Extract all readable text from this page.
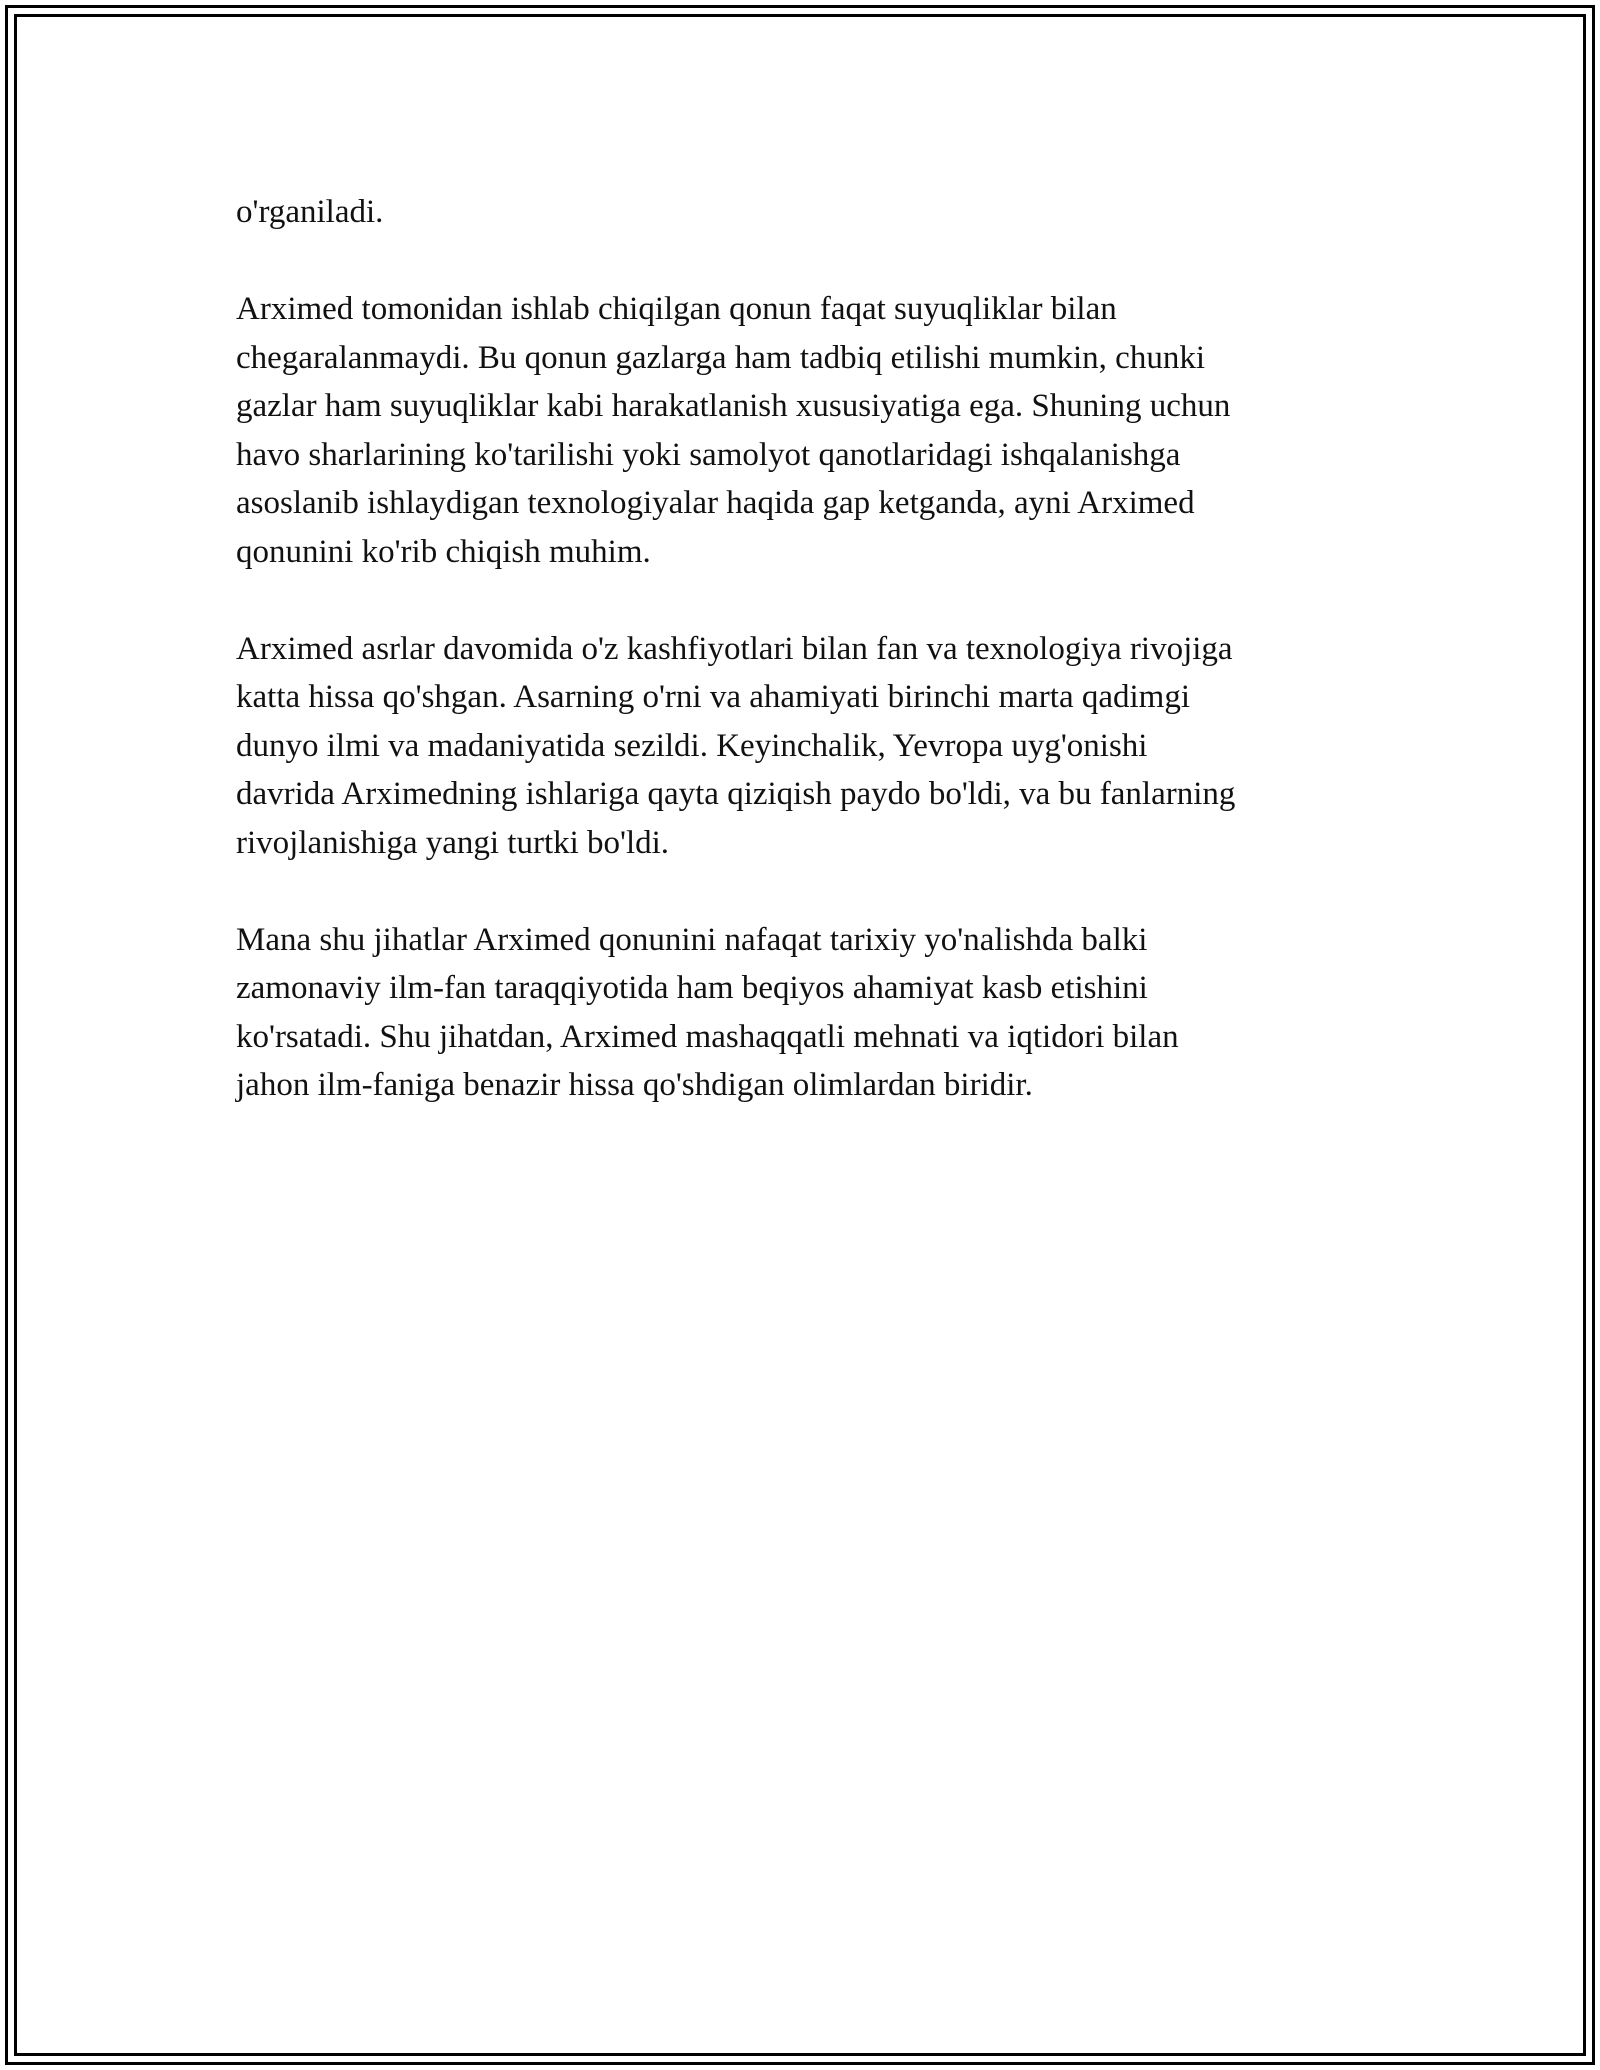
o'rganiladi.

Arximed tomonidan ishlab chiqilgan qonun faqat suyuqliklar bilan
chegaralanmaydi. Bu qonun gazlarga ham tadbiq etilishi mumkin, chunki
gazlar ham suyuqliklar kabi harakatlanish xususiyatiga ega. Shuning uchun
havo sharlarining ko'tarilishi yoki samolyot qanotlaridagi ishqalanishga
asoslanib ishlaydigan texnologiyalar haqida gap ketganda, ayni Arximed
qonunini ko'rib chiqish muhim.

Arximed asrlar davomida o'z kashfiyotlari bilan fan va texnologiya rivojiga
katta hissa qo'shgan. Asarning o'rni va ahamiyati birinchi marta qadimgi
dunyo ilmi va madaniyatida sezildi. Keyinchalik, Yevropa uyg'onishi
davrida Arximedning ishlariga qayta qiziqish paydo bo'ldi, va bu fanlarning
rivojlanishiga yangi turtki bo'ldi.

Mana shu jihatlar Arximed qonunini nafaqat tarixiy yo'nalishda balki
zamonaviy ilm-fan taraqqiyotida ham beqiyos ahamiyat kasb etishini
ko'rsatadi. Shu jihatdan, Arximed mashaqqatli mehnati va iqtidori bilan
jahon ilm-faniga benazir hissa qo'shdigan olimlardan biridir.
